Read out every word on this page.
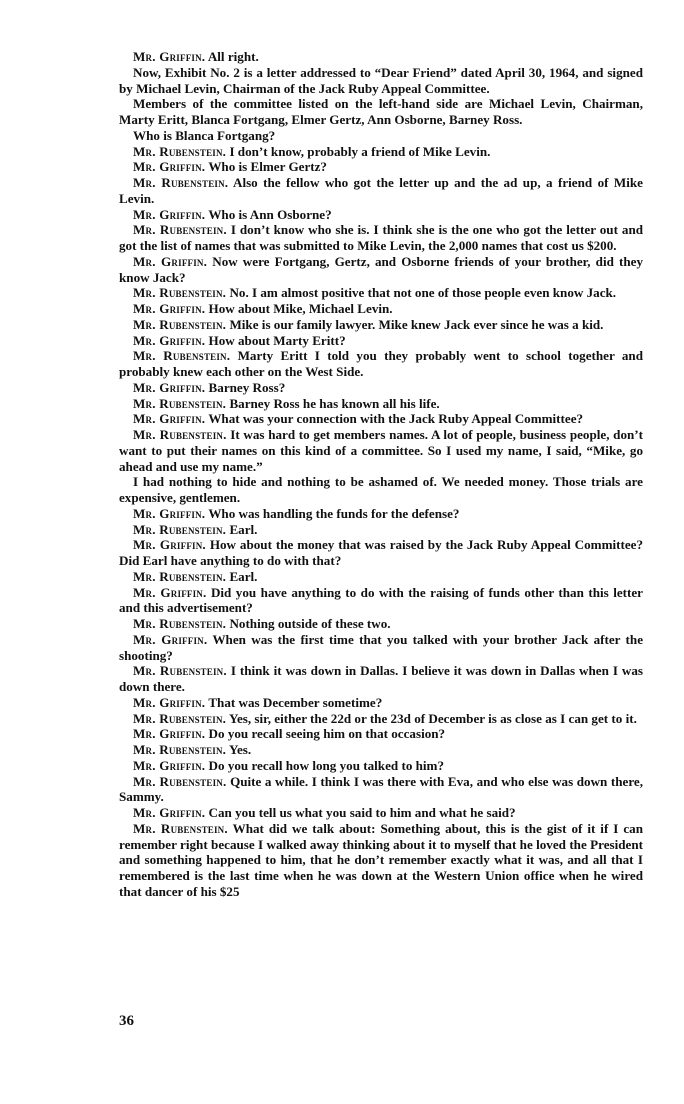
Mr. Griffin. All right.

Now, Exhibit No. 2 is a letter addressed to “Dear Friend” dated April 30, 1964, and signed by Michael Levin, Chairman of the Jack Ruby Appeal Committee.

Members of the committee listed on the left-hand side are Michael Levin, Chairman, Marty Eritt, Blanca Fortgang, Elmer Gertz, Ann Osborne, Barney Ross.

Who is Blanca Fortgang?

Mr. Rubenstein. I don’t know, probably a friend of Mike Levin.

Mr. Griffin. Who is Elmer Gertz?

Mr. Rubenstein. Also the fellow who got the letter up and the ad up, a friend of Mike Levin.

Mr. Griffin. Who is Ann Osborne?

Mr. Rubenstein. I don’t know who she is. I think she is the one who got the letter out and got the list of names that was submitted to Mike Levin, the 2,000 names that cost us $200.

Mr. Griffin. Now were Fortgang, Gertz, and Osborne friends of your brother, did they know Jack?

Mr. Rubenstein. No. I am almost positive that not one of those people even know Jack.

Mr. Griffin. How about Mike, Michael Levin.

Mr. Rubenstein. Mike is our family lawyer. Mike knew Jack ever since he was a kid.

Mr. Griffin. How about Marty Eritt?

Mr. Rubenstein. Marty Eritt I told you they probably went to school together and probably knew each other on the West Side.

Mr. Griffin. Barney Ross?

Mr. Rubenstein. Barney Ross he has known all his life.

Mr. Griffin. What was your connection with the Jack Ruby Appeal Committee?

Mr. Rubenstein. It was hard to get members names. A lot of people, business people, don’t want to put their names on this kind of a committee. So I used my name, I said, “Mike, go ahead and use my name.”

I had nothing to hide and nothing to be ashamed of. We needed money. Those trials are expensive, gentlemen.

Mr. Griffin. Who was handling the funds for the defense?

Mr. Rubenstein. Earl.

Mr. Griffin. How about the money that was raised by the Jack Ruby Appeal Committee? Did Earl have anything to do with that?

Mr. Rubenstein. Earl.

Mr. Griffin. Did you have anything to do with the raising of funds other than this letter and this advertisement?

Mr. Rubenstein. Nothing outside of these two.

Mr. Griffin. When was the first time that you talked with your brother Jack after the shooting?

Mr. Rubenstein. I think it was down in Dallas. I believe it was down in Dallas when I was down there.

Mr. Griffin. That was December sometime?

Mr. Rubenstein. Yes, sir, either the 22d or the 23d of December is as close as I can get to it.

Mr. Griffin. Do you recall seeing him on that occasion?

Mr. Rubenstein. Yes.

Mr. Griffin. Do you recall how long you talked to him?

Mr. Rubenstein. Quite a while. I think I was there with Eva, and who else was down there, Sammy.

Mr. Griffin. Can you tell us what you said to him and what he said?

Mr. Rubenstein. What did we talk about: Something about, this is the gist of it if I can remember right because I walked away thinking about it to myself that he loved the President and something happened to him, that he don’t remember exactly what it was, and all that I remembered is the last time when he was down at the Western Union office when he wired that dancer of his $25

36
